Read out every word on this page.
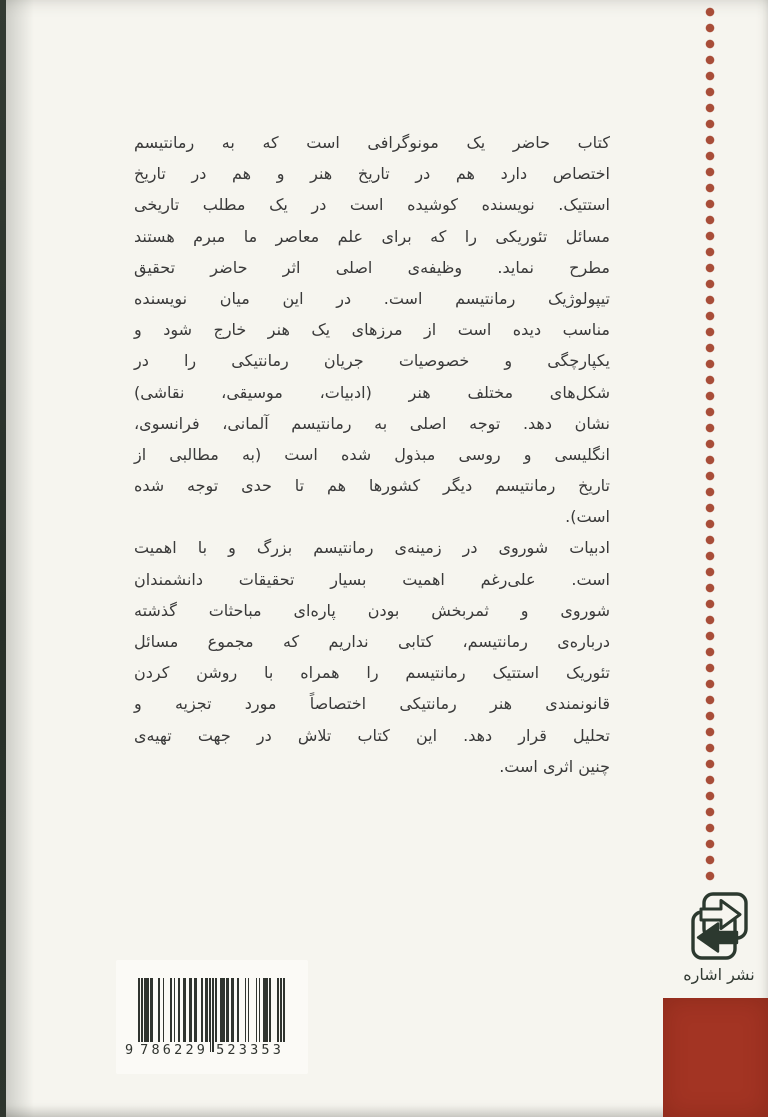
کتاب حاضر یک مونوگرافی است که به رمانتیسم
اختصاص دارد هم در تاریخ هنر و هم در تاریخ
استتیک. نویسنده کوشیده است در یک مطلب تاریخی
مسائل تئوریکی را که برای علم معاصر ما مبرم هستند
مطرح نماید. وظیفه‌ی اصلی اثر حاضر تحقیق
تیپولوژیک رمانتیسم است. در این میان نویسنده
مناسب دیده است از مرزهای یک هنر خارج شود و
یکپارچگی و خصوصیات جریان رمانتیکی را در
شکل‌های مختلف هنر (ادبیات، موسیقی، نقاشی)
نشان دهد. توجه اصلی به رمانتیسم آلمانی، فرانسوی،
انگلیسی و روسی مبذول شده است (به مطالبی از
تاریخ رمانتیسم دیگر کشورها هم تا حدی توجه شده
است).
ادبیات شوروی در زمینه‌ی رمانتیسم بزرگ و با اهمیت
است. علی‌رغم اهمیت بسیار تحقیقات دانشمندان
شوروی و ثمربخش بودن پاره‌ای مباحثات گذشته
درباره‌ی رمانتیسم، کتابی نداریم که مجموع مسائل
تئوریک استتیک رمانتیسم را همراه با روشن کردن
قانونمندی هنر رمانتیکی اختصاصاً مورد تجزیه و
تحلیل قرار دهد. این کتاب تلاش در جهت تهیه‌ی
چنین اثری است.
نشر اشاره
9 786229 523353
